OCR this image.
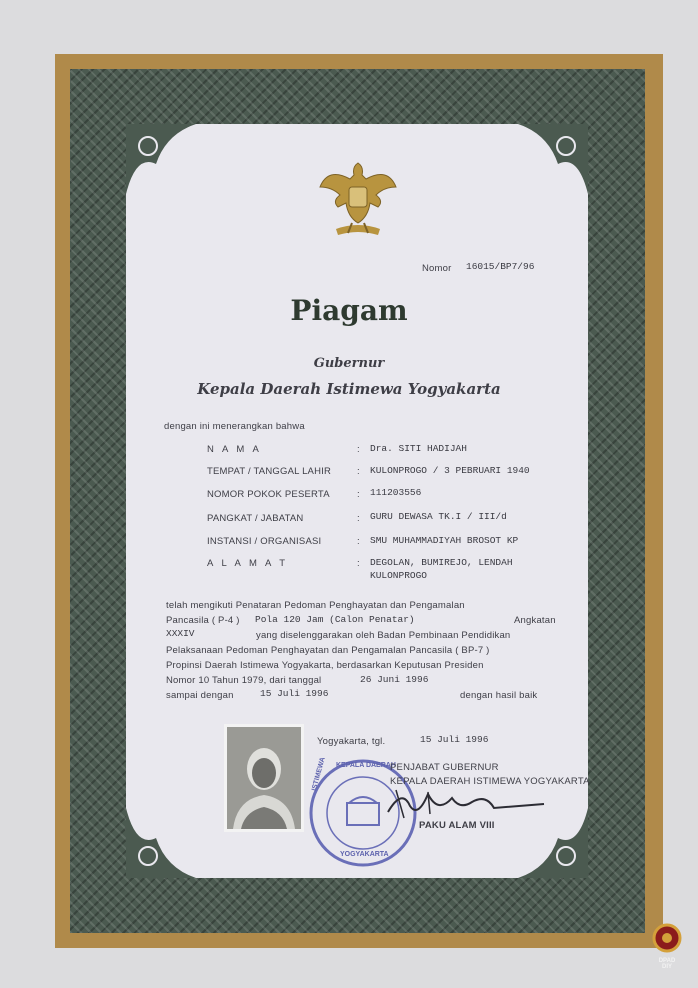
Nomor 16015/BP7/96
Piagam
Gubernur
Kepala Daerah Istimewa Yogyakarta
dengan ini menerangkan bahwa
N A M A	: Dra. SITI HADIJAH
TEMPAT / TANGGAL LAHIR	: KULONPROGO / 3 PEBRUARI 1940
NOMOR POKOK PESERTA	: 111203556
PANGKAT / JABATAN	: GURU DEWASA TK.I / III/d
INSTANSI / ORGANISASI	: SMU MUHAMMADIYAH BROSOT KP
A L A M A T	: DEGOLAN, BUMIREJO, LENDAH
KULONPROGO
telah mengikuti Penataran Pedoman Penghayatan dan Pengamalan
Pancasila ( P-4 ) Pola 120 Jam (Calon Penatar)	Angkatan
XXXIV	yang diselenggarakan oleh Badan Pembinaan Pendidikan
Pelaksanaan Pedoman Penghayatan dan Pengamalan Pancasila ( BP-7 )
Propinsi Daerah Istimewa Yogyakarta, berdasarkan Keputusan Presiden
Nomor 10 Tahun 1979, dari tanggal	26 Juni 1996
sampai dengan	15 Juli 1996	dengan hasil baik
KEPALA DAERAH
ISTIMEWA
YOGYAKARTA
Yogyakarta, tgl.	15 Juli 1996
PENJABAT GUBERNUR
KEPALA DAERAH ISTIMEWA YOGYAKARTA
PAKU ALAM VIII
DPAD DIY
